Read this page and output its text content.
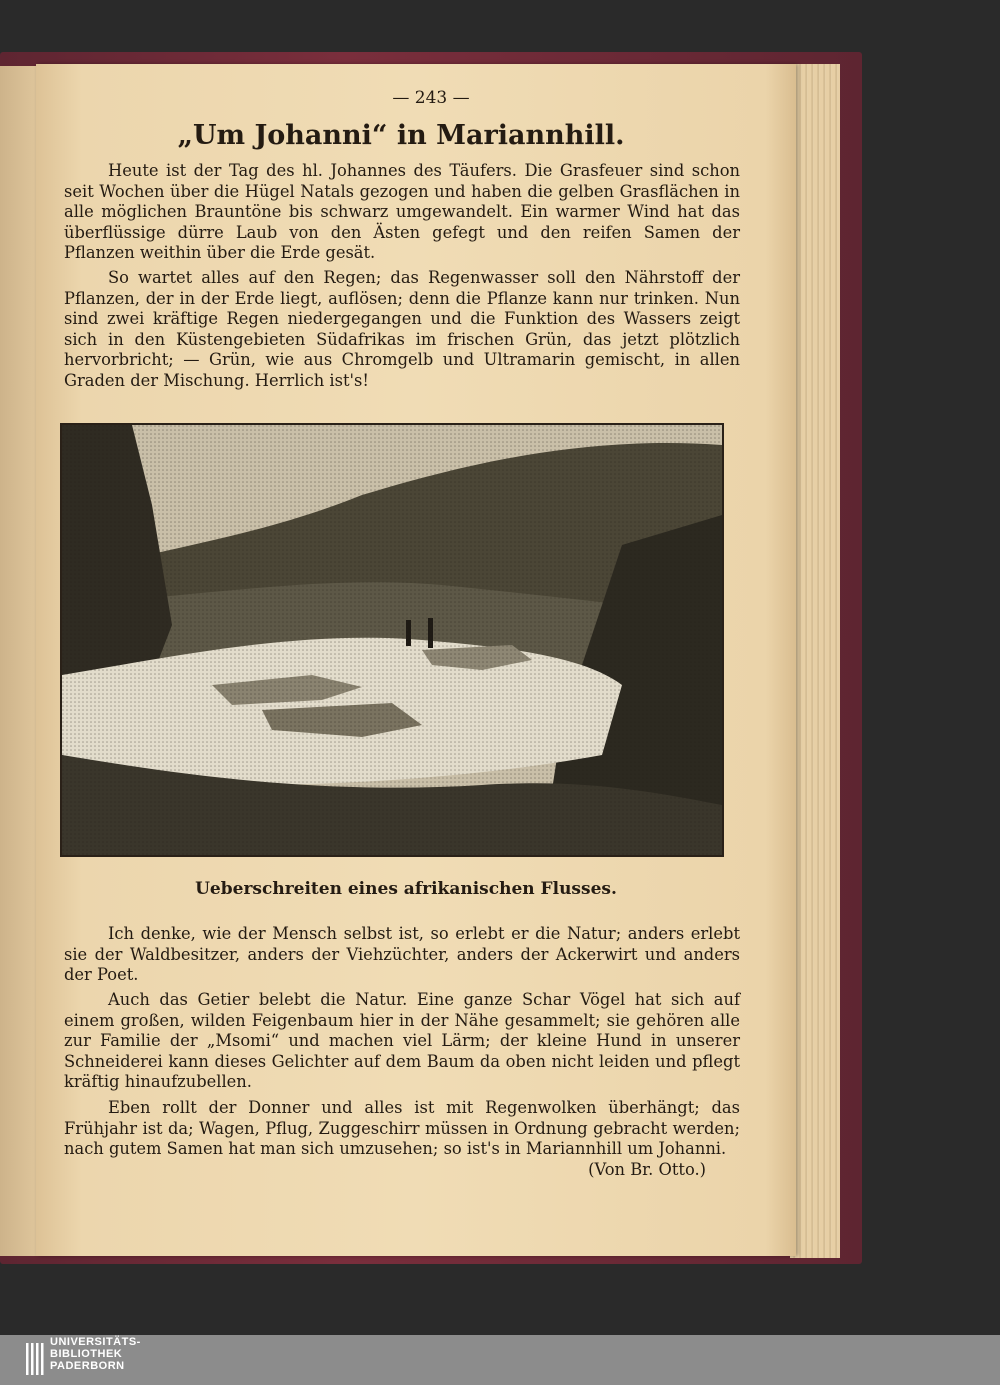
— 243 —
„Um Johanni“ in Mariannhill.

Heute ist der Tag des hl. Johannes des Täufers. Die Grasfeuer sind schon seit Wochen über die Hügel Natals gezogen und haben die gelben Grasflächen in alle möglichen Brauntöne bis schwarz umgewandelt. Ein warmer Wind hat das überflüssige dürre Laub von den Ästen gefegt und den reifen Samen der Pflanzen weithin über die Erde gesät.

So wartet alles auf den Regen; das Regenwasser soll den Nährstoff der Pflanzen, der in der Erde liegt, auflösen; denn die Pflanze kann nur trinken. Nun sind zwei kräftige Regen niedergegangen und die Funktion des Wassers zeigt sich in den Küstengebieten Südafrikas im frischen Grün, das jetzt plötzlich hervorbricht; — Grün, wie aus Chromgelb und Ultramarin gemischt, in allen Graden der Mischung. Herrlich ist's!

Ueberschreiten eines afrikanischen Flusses.

Ich denke, wie der Mensch selbst ist, so erlebt er die Natur; anders erlebt sie der Waldbesitzer, anders der Viehzüchter, anders der Ackerwirt und anders der Poet.

Auch das Getier belebt die Natur. Eine ganze Schar Vögel hat sich auf einem großen, wilden Feigenbaum hier in der Nähe gesammelt; sie gehören alle zur Familie der „Msomi“ und machen viel Lärm; der kleine Hund in unserer Schneiderei kann dieses Gelichter auf dem Baum da oben nicht leiden und pflegt kräftig hinaufzubellen.

Eben rollt der Donner und alles ist mit Regenwolken überhängt; das Frühjahr ist da; Wagen, Pflug, Zuggeschirr müssen in Ordnung gebracht werden; nach gutem Samen hat man sich umzusehen; so ist's in Mariannhill um Johanni.

(Von Br. Otto.)
UNIVERSITÄTS-
BIBLIOTHEK
PADERBORN
